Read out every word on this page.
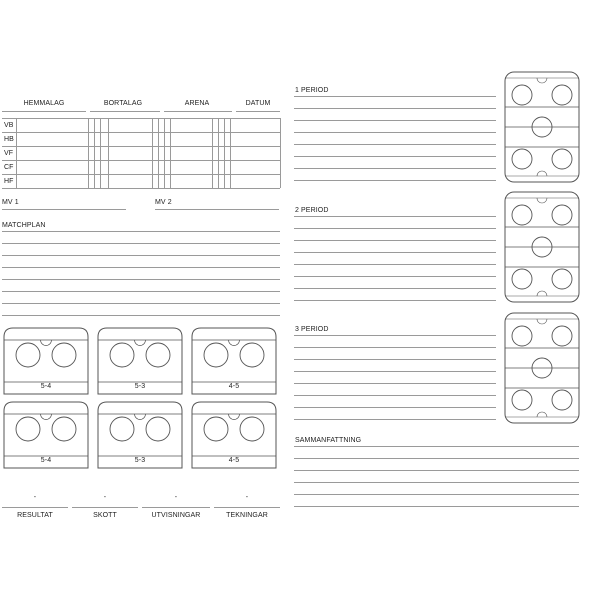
HEMMALAG	BORTALAG	ARENA	DATUM
VB
HB
VF
CF
HF
MV 1	MV 2
MATCHPLAN
5-4	5-3	4-5
5-4	5-3	4-5
-	-	-	-
RESULTAT	SKOTT	UTVISNINGAR	TEKNINGAR
1 PERIOD
2 PERIOD
3 PERIOD
SAMMANFATTNING
